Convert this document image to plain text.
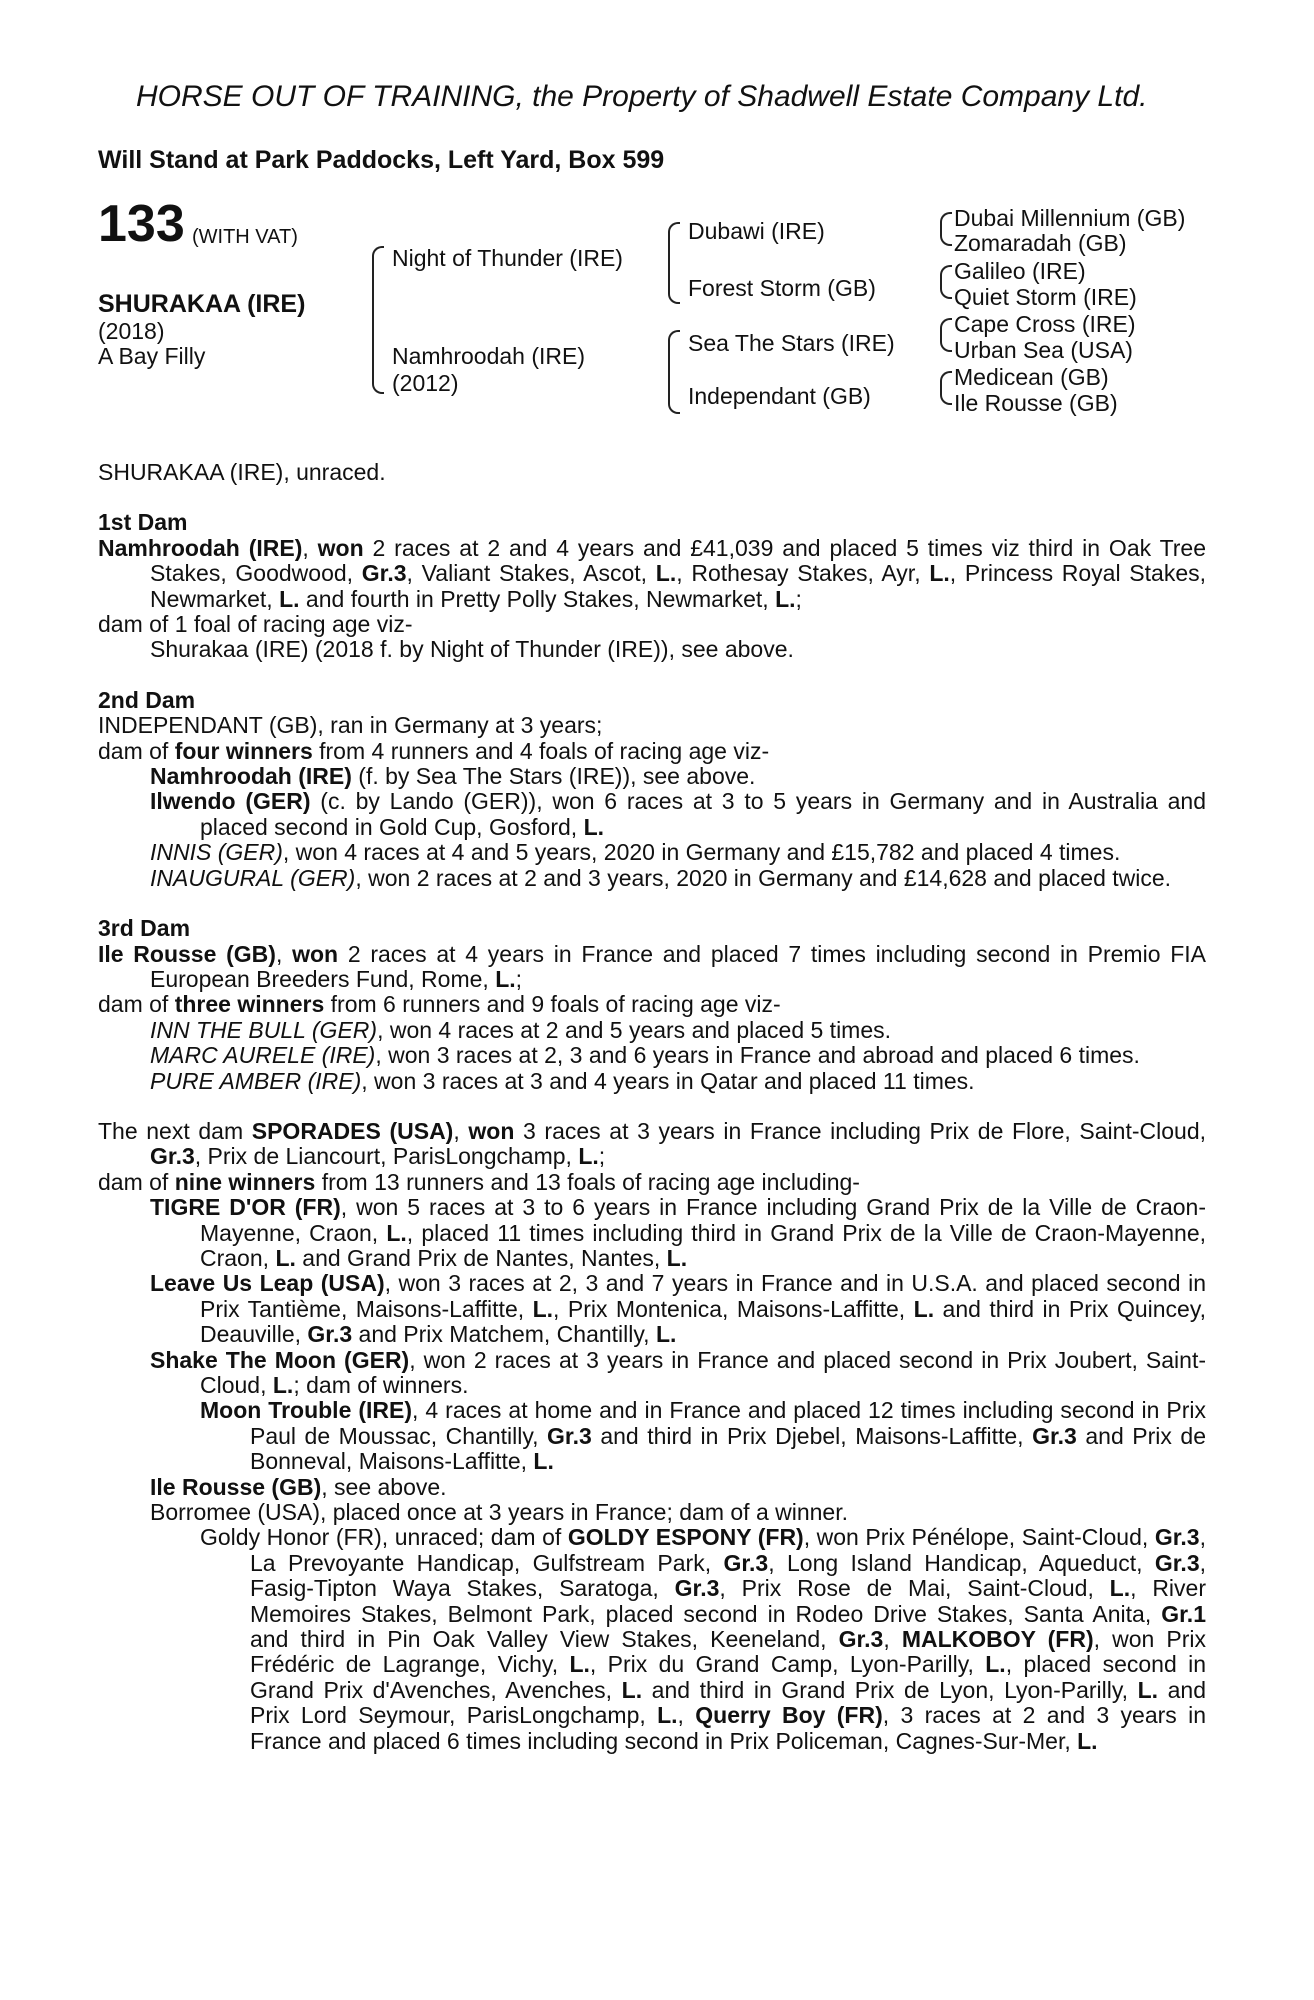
HORSE OUT OF TRAINING, the Property of Shadwell Estate Company Ltd.
Will Stand at Park Paddocks, Left Yard, Box 599
133 (WITH VAT)
SHURAKAA (IRE)
(2018)
A Bay Filly
Night of Thunder (IRE)
Namhroodah (IRE)
(2012)
Dubawi (IRE)
Forest Storm (GB)
Sea The Stars (IRE)
Independant (GB)
Dubai Millennium (GB)
Zomaradah (GB)
Galileo (IRE)
Quiet Storm (IRE)
Cape Cross (IRE)
Urban Sea (USA)
Medicean (GB)
Ile Rousse (GB)

SHURAKAA (IRE), unraced.

1st Dam

Namhroodah (IRE), won 2 races at 2 and 4 years and £41,039 and placed 5 times viz third in Oak Tree Stakes, Goodwood, Gr.3, Valiant Stakes, Ascot, L., Rothesay Stakes, Ayr, L., Princess Royal Stakes, Newmarket, L. and fourth in Pretty Polly Stakes, Newmarket, L.;

dam of 1 foal of racing age viz-

Shurakaa (IRE) (2018 f. by Night of Thunder (IRE)), see above.

2nd Dam

INDEPENDANT (GB), ran in Germany at 3 years;

dam of four winners from 4 runners and 4 foals of racing age viz-

Namhroodah (IRE) (f. by Sea The Stars (IRE)), see above.

Ilwendo (GER) (c. by Lando (GER)), won 6 races at 3 to 5 years in Germany and in Australia and placed second in Gold Cup, Gosford, L.

INNIS (GER), won 4 races at 4 and 5 years, 2020 in Germany and £15,782 and placed 4 times.

INAUGURAL (GER), won 2 races at 2 and 3 years, 2020 in Germany and £14,628 and placed twice.

3rd Dam

Ile Rousse (GB), won 2 races at 4 years in France and placed 7 times including second in Premio FIA European Breeders Fund, Rome, L.;

dam of three winners from 6 runners and 9 foals of racing age viz-

INN THE BULL (GER), won 4 races at 2 and 5 years and placed 5 times.

MARC AURELE (IRE), won 3 races at 2, 3 and 6 years in France and abroad and placed 6 times.

PURE AMBER (IRE), won 3 races at 3 and 4 years in Qatar and placed 11 times.

The next dam SPORADES (USA), won 3 races at 3 years in France including Prix de Flore, Saint-Cloud, Gr.3, Prix de Liancourt, ParisLongchamp, L.;

dam of nine winners from 13 runners and 13 foals of racing age including-

TIGRE D'OR (FR), won 5 races at 3 to 6 years in France including Grand Prix de la Ville de Craon-Mayenne, Craon, L., placed 11 times including third in Grand Prix de la Ville de Craon-Mayenne, Craon, L. and Grand Prix de Nantes, Nantes, L.

Leave Us Leap (USA), won 3 races at 2, 3 and 7 years in France and in U.S.A. and placed second in Prix Tantième, Maisons-Laffitte, L., Prix Montenica, Maisons-Laffitte, L. and third in Prix Quincey, Deauville, Gr.3 and Prix Matchem, Chantilly, L.

Shake The Moon (GER), won 2 races at 3 years in France and placed second in Prix Joubert, Saint-Cloud, L.; dam of winners.

Moon Trouble (IRE), 4 races at home and in France and placed 12 times including second in Prix Paul de Moussac, Chantilly, Gr.3 and third in Prix Djebel, Maisons-Laffitte, Gr.3 and Prix de Bonneval, Maisons-Laffitte, L.

Ile Rousse (GB), see above.

Borromee (USA), placed once at 3 years in France; dam of a winner.

Goldy Honor (FR), unraced; dam of GOLDY ESPONY (FR), won Prix Pénélope, Saint-Cloud, Gr.3, La Prevoyante Handicap, Gulfstream Park, Gr.3, Long Island Handicap, Aqueduct, Gr.3, Fasig-Tipton Waya Stakes, Saratoga, Gr.3, Prix Rose de Mai, Saint-Cloud, L., River Memoires Stakes, Belmont Park, placed second in Rodeo Drive Stakes, Santa Anita, Gr.1 and third in Pin Oak Valley View Stakes, Keeneland, Gr.3, MALKOBOY (FR), won Prix Frédéric de Lagrange, Vichy, L., Prix du Grand Camp, Lyon-Parilly, L., placed second in Grand Prix d'Avenches, Avenches, L. and third in Grand Prix de Lyon, Lyon-Parilly, L. and Prix Lord Seymour, ParisLongchamp, L., Querry Boy (FR), 3 races at 2 and 3 years in France and placed 6 times including second in Prix Policeman, Cagnes-Sur-Mer, L.
